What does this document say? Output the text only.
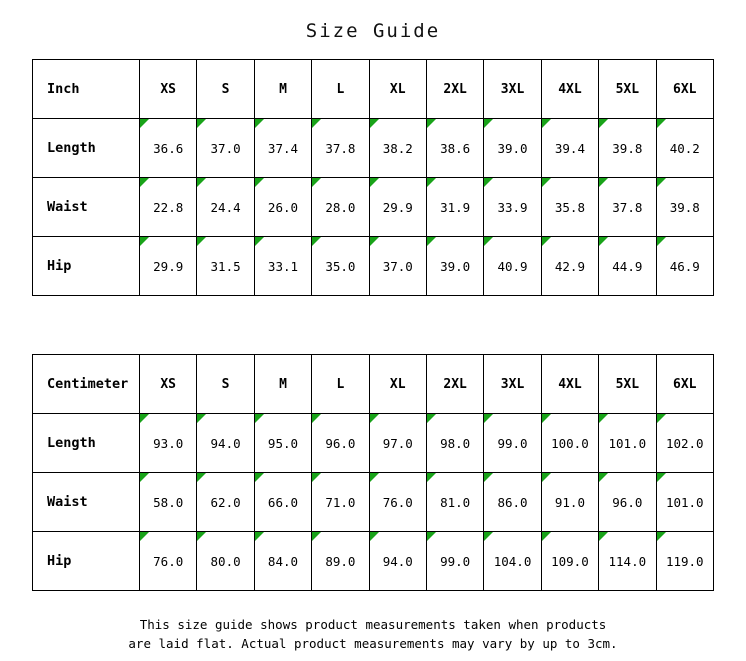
Size Guide
Inch	XS	S	M	L	XL	2XL	3XL	4XL	5XL	6XL
Length	36.6	37.0	37.4	37.8	38.2	38.6	39.0	39.4	39.8	40.2
Waist	22.8	24.4	26.0	28.0	29.9	31.9	33.9	35.8	37.8	39.8
Hip	29.9	31.5	33.1	35.0	37.0	39.0	40.9	42.9	44.9	46.9
Centimeter	XS	S	M	L	XL	2XL	3XL	4XL	5XL	6XL
Length	93.0	94.0	95.0	96.0	97.0	98.0	99.0	100.0	101.0	102.0
Waist	58.0	62.0	66.0	71.0	76.0	81.0	86.0	91.0	96.0	101.0
Hip	76.0	80.0	84.0	89.0	94.0	99.0	104.0	109.0	114.0	119.0
This size guide shows product measurements taken when products
are laid flat. Actual product measurements may vary by up to 3cm.
